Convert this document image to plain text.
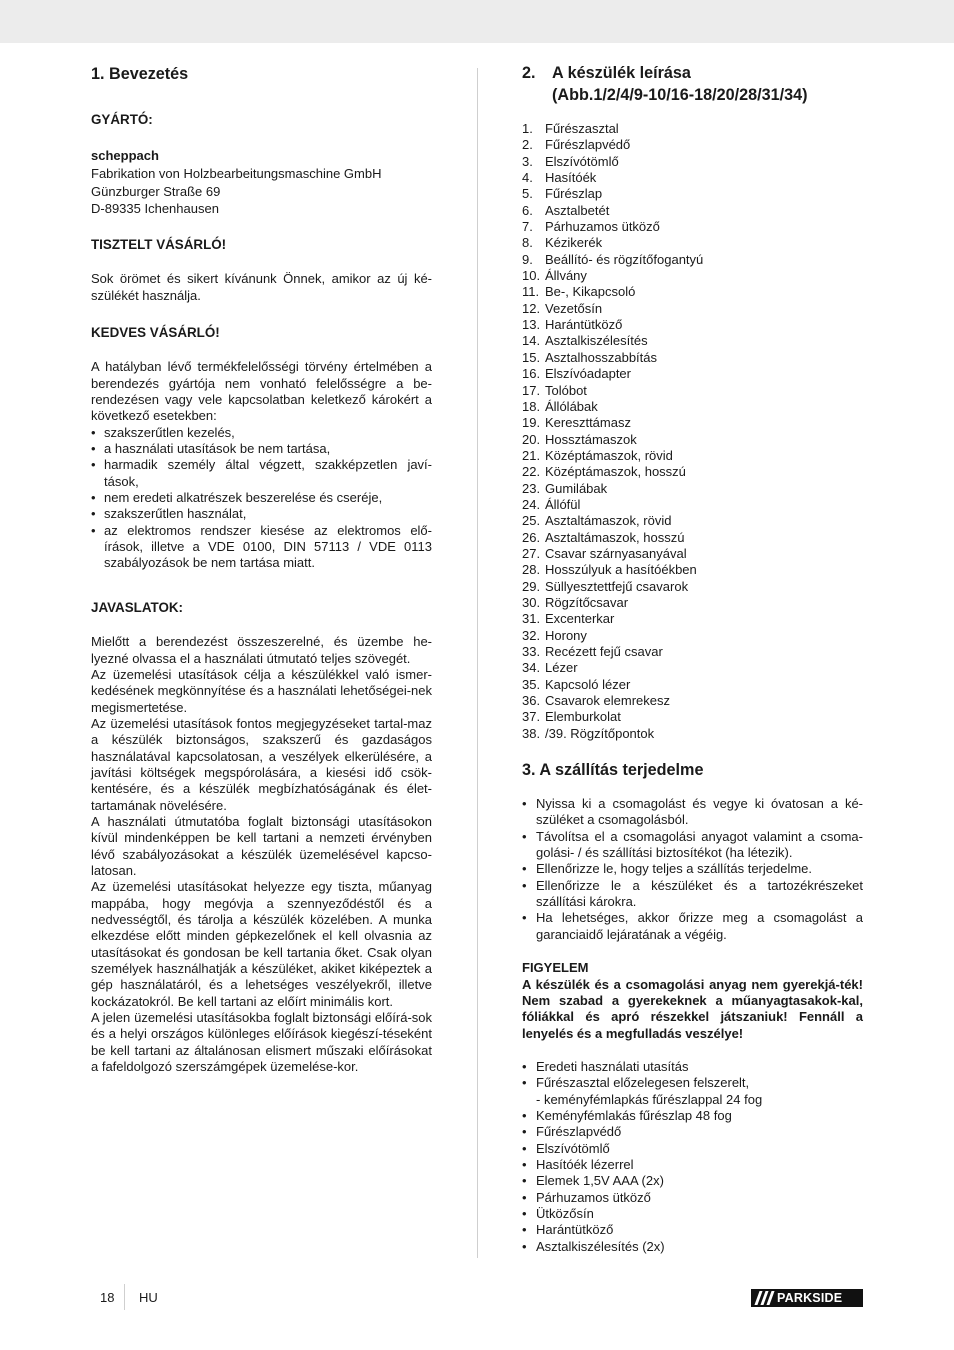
1. Bevezetés
GYÁRTÓ:
scheppach
Fabrikation von Holzbearbeitungsmaschine GmbH
Günzburger Straße 69
D-89335 Ichenhausen
TISZTELT VÁSÁRLÓ!

Sok örömet és sikert kívánunk Önnek, amikor az új ké-szülékét használja.

KEDVES VÁSÁRLÓ!

A hatályban lévő termékfelelősségi törvény értelmében a berendezés gyártója nem vonható felelősségre a be-rendezésen vagy vele kapcsolatban keletkező károkért a következő esetekben:

• szakszerűtlen kezelés,
• a használati utasítások be nem tartása,
• harmadik személy által végzett, szakképzetlen javí-tások,
• nem eredeti alkatrészek beszerelése és cseréje,
• szakszerűtlen használat,
• az elektromos rendszer kiesése az elektromos elő-írások, illetve a VDE 0100, DIN 57113 / VDE 0113 szabályozások be nem tartása miatt.
JAVASLATOK:

Mielőtt a berendezést összeszerelné, és üzembe he-lyezné olvassa el a használati útmutató teljes szövegét.

Az üzemelési utasítások célja a készülékkel való ismer-kedésének megkönnyítése és a használati lehetőségei-nek megismertetése.

Az üzemelési utasítások fontos megjegyzéseket tartal-maz a készülék biztonságos, szakszerű és gazdaságos használatával kapcsolatosan, a veszélyek elkerülésére, a javítási költségek megspórolására, a kiesési idő csök-kentésére, és a készülék megbízhatóságának és élet-tartamának növelésére.

A használati útmutatóba foglalt biztonsági utasításokon kívül mindenképpen be kell tartani a nemzeti érvényben lévő szabályozásokat a készülék üzemelésével kapcso-latosan.

Az üzemelési utasításokat helyezze egy tiszta, műanyag mappába, hogy megóvja a szennyeződéstől és a nedvességtől, és tárolja a készülék közelében. A munka elkezdése előtt minden gépkezelőnek el kell olvasnia az utasításokat és gondosan be kell tartania őket. Csak olyan személyek használhatják a készüléket, akiket kiképeztek a gép használatáról, és a lehetséges veszélyekről, illetve kockázatokról. Be kell tartani az előírt minimális kort.

A jelen üzemelési utasításokba foglalt biztonsági előírá-sok és a helyi országos különleges előírások kiegészí-téseként be kell tartani az általánosan elismert műszaki előírásokat a fafeldolgozó szerszámgépek üzemelése-kor.

2.	A készülék leírása
(Abb.1/2/4/9-10/16-18/20/28/31/34)
1. Fűrészasztal
2. Fűrészlapvédő
3. Elszívótömlő
4. Hasítóék
5. Fűrészlap
6. Asztalbetét
7. Párhuzamos ütköző
8. Kézikerék
9. Beállító- és rögzítőfogantyú
10. Állvány
11. Be-, Kikapcsoló
12. Vezetősín
13. Harántütköző
14. Asztalkiszélesítés
15. Asztalhosszabbítás
16. Elszívóadapter
17. Tolóbot
18. Állólábak
19. Kereszttámasz
20. Hossztámaszok
21. Középtámaszok, rövid
22. Középtámaszok, hosszú
23. Gumilábak
24. Állófül
25. Asztaltámaszok, rövid
26. Asztaltámaszok, hosszú
27. Csavar szárnyasanyával
28. Hosszúlyuk a hasítóékben
29. Süllyesztettfejű csavarok
30. Rögzítőcsavar
31. Excenterkar
32. Horony
33. Recézett fejű csavar
34. Lézer
35. Kapcsoló lézer
36. Csavarok elemrekesz
37. Elemburkolat
38. /39. Rögzítőpontok
3. A szállítás terjedelme
• Nyissa ki a csomagolást és vegye ki óvatosan a ké-szüléket a csomagolásból.
• Távolítsa el a csomagolási anyagot valamint a csoma-golási- / és szállítási biztosítékot (ha létezik).
• Ellenőrizze le, hogy teljes a szállítás terjedelme.
• Ellenőrizze le a készüléket és a tartozékrészeket szállítási károkra.
• Ha lehetséges, akkor őrizze meg a csomagolást a garanciaidő lejáratának a végéig.
FIGYELEM
A készülék és a csomagolási anyag nem gyerekjá-ték! Nem szabad a gyerekeknek a műanyagtasakok-kal, fóliákkal és apró részekkel játszaniuk! Fennáll a lenyelés és a megfulladás veszélye!
• Eredeti használati utasítás
• Fűrészasztal előzelegesen felszerelt,
- keményfémlapkás fűrészlappal 24 fog
• Keményfémlakás fűrészlap 48 fog
• Fűrészlapvédő
• Elszívótömlő
• Hasítóék lézerrel
• Elemek 1,5V AAA (2x)
• Párhuzamos ütköző
• Ütközősín
• Harántütköző
• Asztalkiszélesítés (2x)
18 HU	PARKSIDE
